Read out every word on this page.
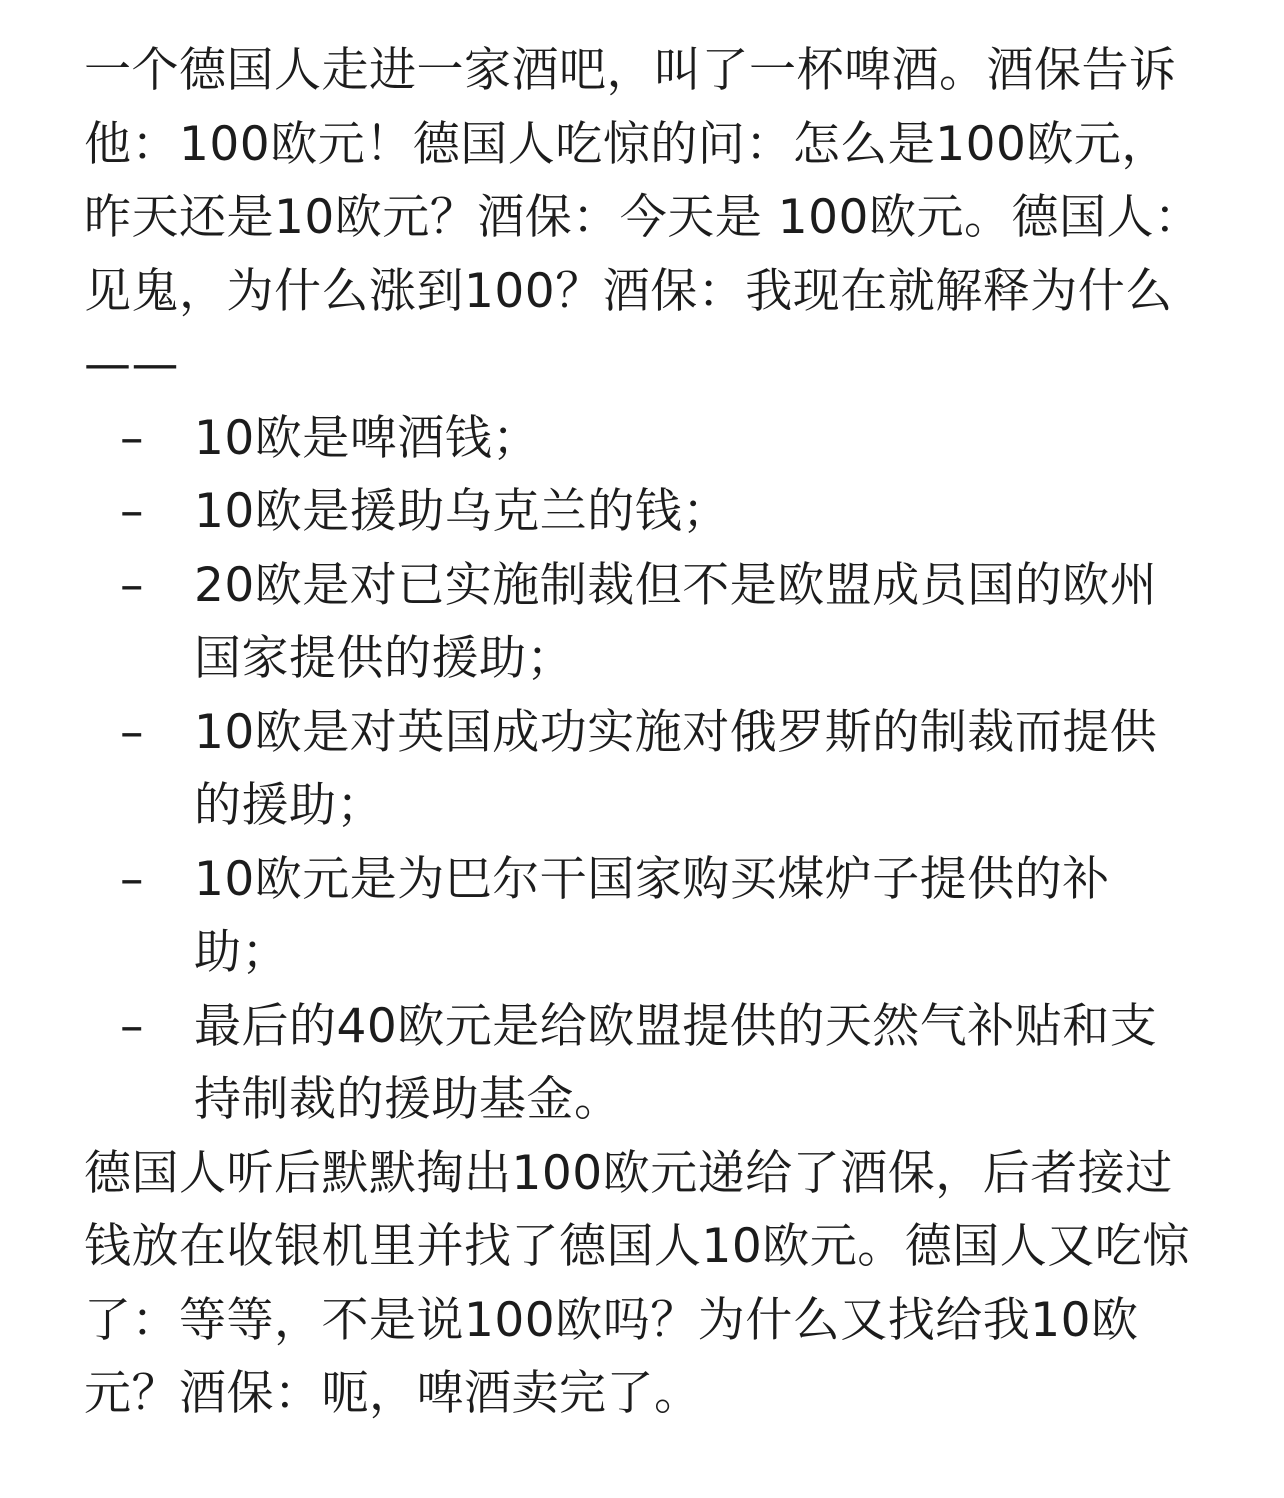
一个德国人走进一家酒吧，叫了一杯啤酒。酒保告诉他：100欧元！德国人吃惊的问：怎么是100欧元，昨天还是10欧元？酒保：今天是 100欧元。德国人：见鬼，为什么涨到100？酒保：我现在就解释为什么——

– 10欧是啤酒钱；
– 10欧是援助乌克兰的钱；
– 20欧是对已实施制裁但不是欧盟成员国的欧州国家提供的援助；
– 10欧是对英国成功实施对俄罗斯的制裁而提供的援助；
– 10欧元是为巴尔干国家购买煤炉子提供的补助；
– 最后的40欧元是给欧盟提供的天然气补贴和支持制裁的援助基金。

德国人听后默默掏出100欧元递给了酒保，后者接过钱放在收银机里并找了德国人10欧元。德国人又吃惊了：等等，不是说100欧吗？为什么又找给我10欧元？酒保：呃，啤酒卖完了。
